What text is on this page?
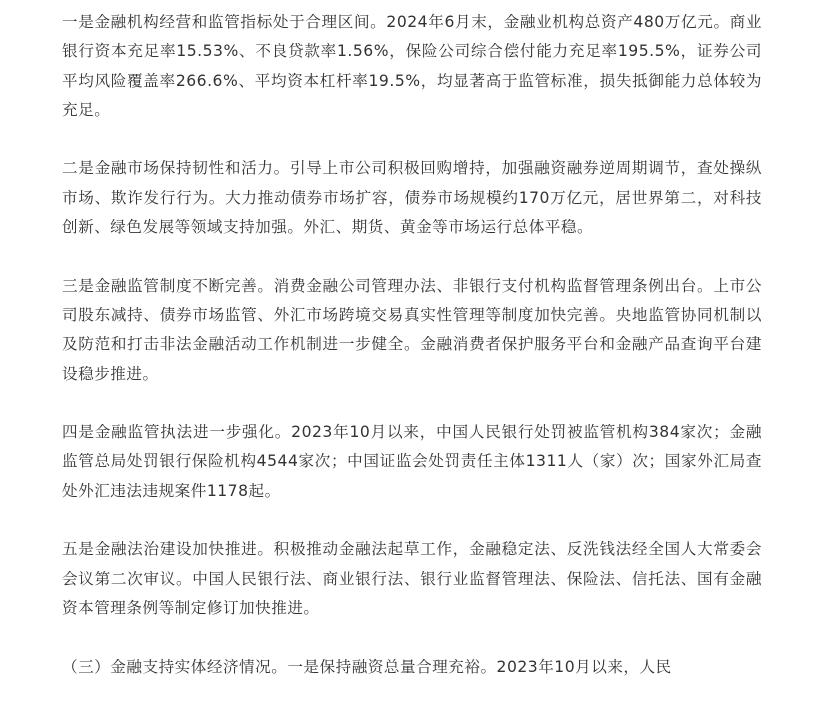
一是金融机构经营和监管指标处于合理区间。2024年6月末，金融业机构总资产480万亿元。商业银行资本充足率15.53%、不良贷款率1.56%，保险公司综合偿付能力充足率195.5%，证券公司平均风险覆盖率266.6%、平均资本杠杆率19.5%，均显著高于监管标准，损失抵御能力总体较为充足。

二是金融市场保持韧性和活力。引导上市公司积极回购增持，加强融资融券逆周期调节，查处操纵市场、欺诈发行行为。大力推动债券市场扩容，债券市场规模约170万亿元，居世界第二，对科技创新、绿色发展等领域支持加强。外汇、期货、黄金等市场运行总体平稳。

三是金融监管制度不断完善。消费金融公司管理办法、非银行支付机构监督管理条例出台。上市公司股东减持、债券市场监管、外汇市场跨境交易真实性管理等制度加快完善。央地监管协同机制以及防范和打击非法金融活动工作机制进一步健全。金融消费者保护服务平台和金融产品查询平台建设稳步推进。

四是金融监管执法进一步强化。2023年10月以来，中国人民银行处罚被监管机构384家次；金融监管总局处罚银行保险机构4544家次；中国证监会处罚责任主体1311人（家）次；国家外汇局查处外汇违法违规案件1178起。

五是金融法治建设加快推进。积极推动金融法起草工作，金融稳定法、反洗钱法经全国人大常委会会议第二次审议。中国人民银行法、商业银行法、银行业监督管理法、保险法、信托法、国有金融资本管理条例等制定修订加快推进。

（三）金融支持实体经济情况。一是保持融资总量合理充裕。2023年10月以来，人民
